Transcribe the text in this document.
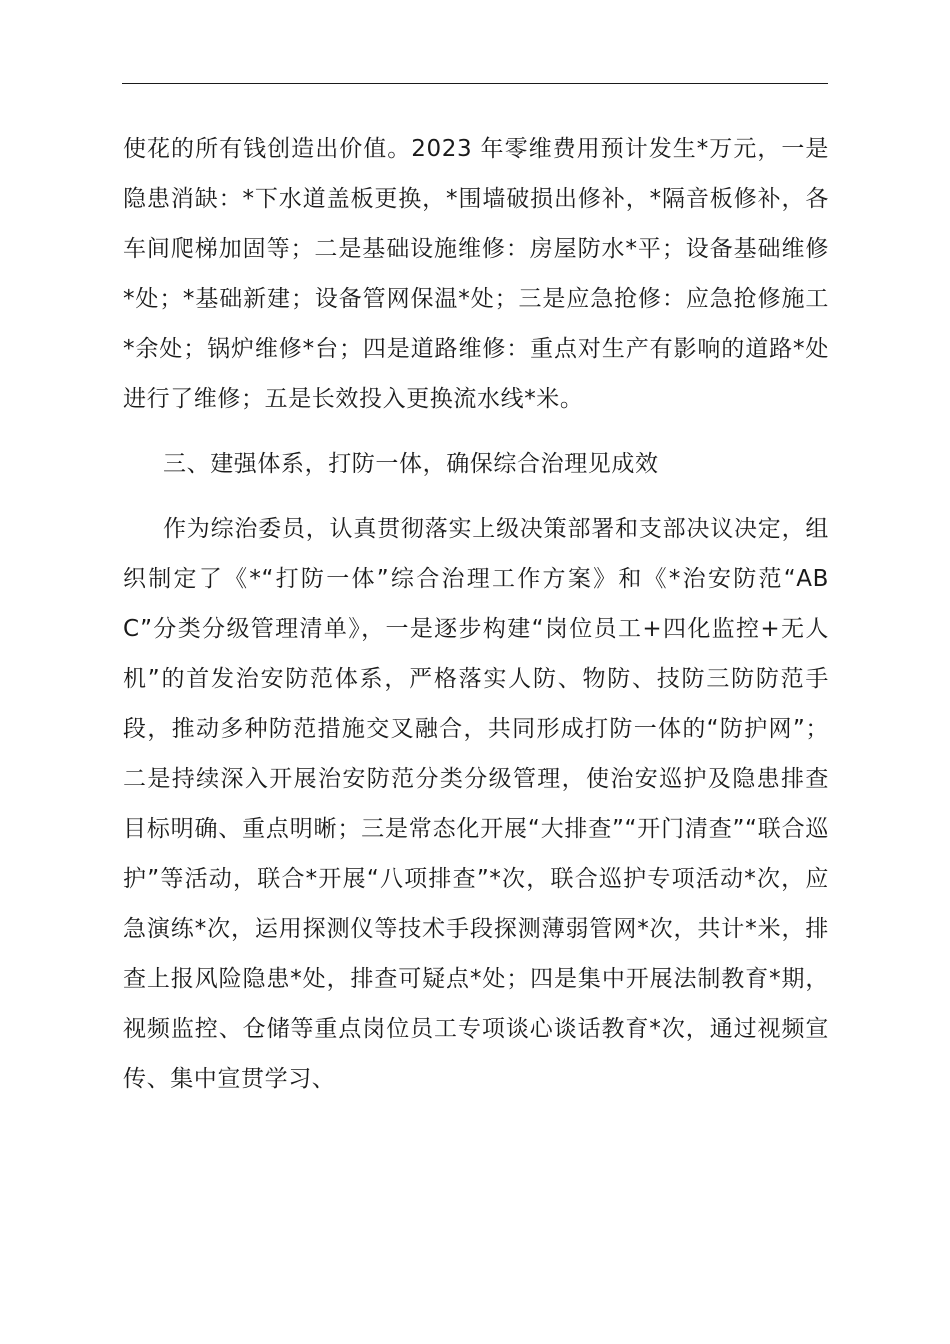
使花的所有钱创造出价值。2023 年零维费用预计发生*万元，一是隐患消缺：*下水道盖板更换，*围墙破损出修补，*隔音板修补，各车间爬梯加固等；二是基础设施维修：房屋防水*平；设备基础维修*处；*基础新建；设备管网保温*处；三是应急抢修：应急抢修施工*余处；锅炉维修*台；四是道路维修：重点对生产有影响的道路*处进行了维修；五是长效投入更换流水线*米。

三、建强体系，打防一体，确保综合治理见成效

作为综治委员，认真贯彻落实上级决策部署和支部决议决定，组织制定了《*“打防一体”综合治理工作方案》和《*治安防范“ABC”分类分级管理清单》，一是逐步构建“岗位员工+四化监控+无人机”的首发治安防范体系，严格落实人防、物防、技防三防防范手段，推动多种防范措施交叉融合，共同形成打防一体的“防护网”；二是持续深入开展治安防范分类分级管理，使治安巡护及隐患排查目标明确、重点明晰；三是常态化开展“大排查”“开门清查”“联合巡护”等活动，联合*开展“八项排查”*次，联合巡护专项活动*次，应急演练*次，运用探测仪等技术手段探测薄弱管网*次，共计*米，排查上报风险隐患*处，排查可疑点*处；四是集中开展法制教育*期，视频监控、仓储等重点岗位员工专项谈心谈话教育*次，通过视频宣传、集中宣贯学习、
